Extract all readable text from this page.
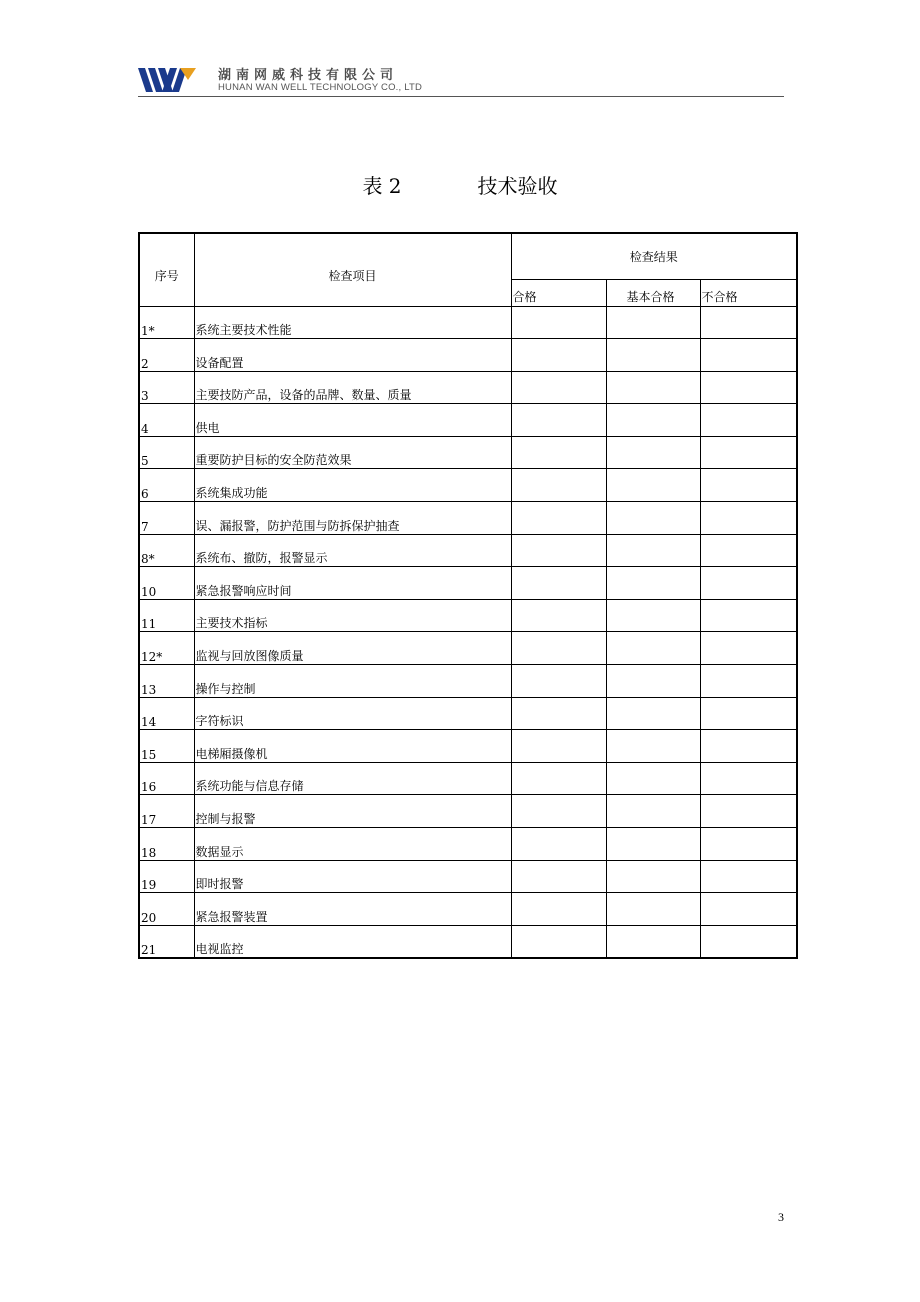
湖南网威科技有限公司
HUNAN WAN WELL TECHNOLOGY CO., LTD
表 2	技术验收
序号	检查项目	检查结果		
		合格	基本合格	不合格
1*	系统主要技术性能			
2	设备配置			
3	主要技防产品，设备的品牌、数量、质量			
4	供电			
5	重要防护目标的安全防范效果			
6	系统集成功能			
7	误、漏报警，防护范围与防拆保护抽查			
8*	系统布、撤防，报警显示			
10	紧急报警响应时间			
11	主要技术指标			
12*	监视与回放图像质量			
13	操作与控制			
14	字符标识			
15	电梯厢摄像机			
16	系统功能与信息存储			
17	控制与报警			
18	数据显示			
19	即时报警			
20	紧急报警装置			
21	电视监控			
3
